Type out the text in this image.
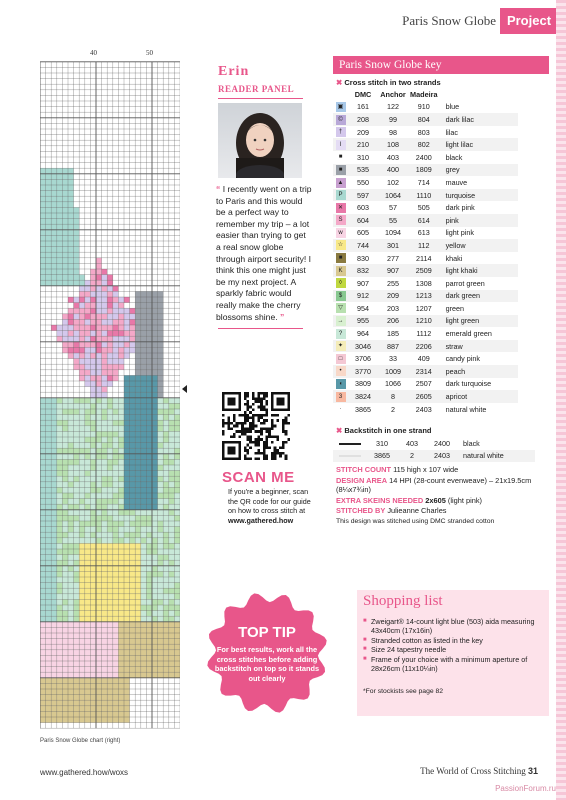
Paris Snow Globe Project
40	50
Paris Snow Globe chart (right)
Erin
READER PANEL
“ I recently went on a trip to Paris and this would be a perfect way to remember my trip – a lot easier than trying to get a real snow globe through airport security! I think this one might just be my next project. A sparkly fabric would really make the cherry blossoms shine. ”
SCAN ME
If you're a beginner, scan the QR code for our guide on how to cross stitch at www.gathered.how
Paris Snow Globe key
✖ Cross stitch in two strands
	DMC	Anchor	Madeira	
▣	161	122	910	blue
©	208	99	804	dark lilac
†	209	98	803	lilac
I	210	108	802	light lilac
■	310	403	2400	black
■	535	400	1809	grey
▲	550	102	714	mauve
P	597	1064	1110	turquoise
✕	603	57	505	dark pink
S	604	55	614	pink
w	605	1094	613	light pink
☆	744	301	112	yellow
■	830	277	2114	khaki
K	832	907	2509	light khaki
◊	907	255	1308	parrot green
$	912	209	1213	dark green
▽	954	203	1207	green
→	955	206	1210	light green
?	964	185	1112	emerald green
✦	3046	887	2206	straw
□	3706	33	409	candy pink
•	3770	1009	2314	peach
◖	3809	1066	2507	dark turquoise
3	3824	8	2605	apricot
·	3865	2	2403	natural white
✖ Backstitch in one strand
	310	403	2400	black
	3865	2	2403	natural white

STITCH COUNT 115 high x 107 wide

DESIGN AREA 14 HPI (28-count evenweave) – 21x19.5cm (8¼x7¾in)

EXTRA SKEINS NEEDED 2x605 (light pink)

STITCHED BY Julieanne Charles

This design was stitched using DMC stranded cotton

TOP TIP
For best results, work all the cross stitches before adding backstitch on top so it stands out clearly
Shopping list
■ Zweigart® 14-count light blue (503) aida measuring 43x40cm (17x16in)
■ Stranded cotton as listed in the key
■ Size 24 tapestry needle
■ Frame of your choice with a minimum aperture of 28x26cm (11x10¼in)
*For stockists see page 82
www.gathered.how/woxs	The World of Cross Stitching 31
PassionForum.ru
